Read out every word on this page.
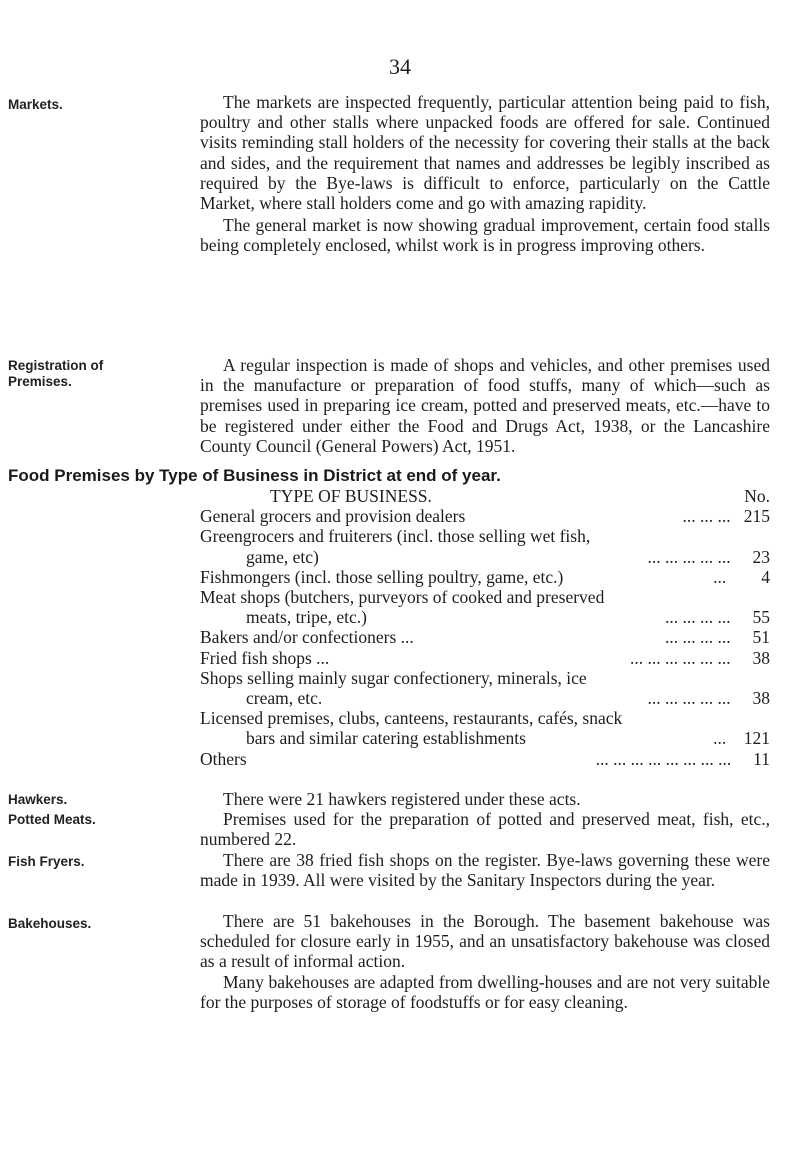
34
Markets.
Registration of Premises.
Hawkers.
Potted Meats.
Fish Fryers.
Bakehouses.

The markets are inspected frequently, particular attention being paid to fish, poultry and other stalls where unpacked foods are offered for sale. Continued visits reminding stall holders of the necessity for covering their stalls at the back and sides, and the requirement that names and addresses be legibly inscribed as required by the Bye-laws is difficult to enforce, particularly on the Cattle Market, where stall holders come and go with amazing rapidity.

The general market is now showing gradual improvement, certain food stalls being completely enclosed, whilst work is in progress improving others.

A regular inspection is made of shops and vehicles, and other premises used in the manufacture or preparation of food stuffs, many of which—such as premises used in preparing ice cream, potted and preserved meats, etc.—have to be registered under either the Food and Drugs Act, 1938, or the Lancashire County Council (General Powers) Act, 1951.

Food Premises by Type of Business in District at end of year.
TYPE OF BUSINESS.	No.
General grocers and provision dealers	... ... ... 215
Greengrocers and fruiterers (incl. those selling wet fish,
game, etc)	... ... ... ... ... 23
Fishmongers (incl. those selling poultry, game, etc.)	... 4
Meat shops (butchers, purveyors of cooked and preserved
meats, tripe, etc.)	... ... ... ... 55
Bakers and/or confectioners ...	... ... ... ... 51
Fried fish shops ...	... ... ... ... ... ... 38
Shops selling mainly sugar confectionery, minerals, ice
cream, etc.	... ... ... ... ... 38
Licensed premises, clubs, canteens, restaurants, cafés, snack
bars and similar catering establishments	... 121
Others	... ... ... ... ... ... ... ... 11

There were 21 hawkers registered under these acts.

Premises used for the preparation of potted and preserved meat, fish, etc., numbered 22.

There are 38 fried fish shops on the register. Bye-laws governing these were made in 1939. All were visited by the Sanitary Inspectors during the year.

There are 51 bakehouses in the Borough. The basement bakehouse was scheduled for closure early in 1955, and an unsatisfactory bakehouse was closed as a result of informal action.

Many bakehouses are adapted from dwelling-houses and are not very suitable for the purposes of storage of foodstuffs or for easy cleaning.
